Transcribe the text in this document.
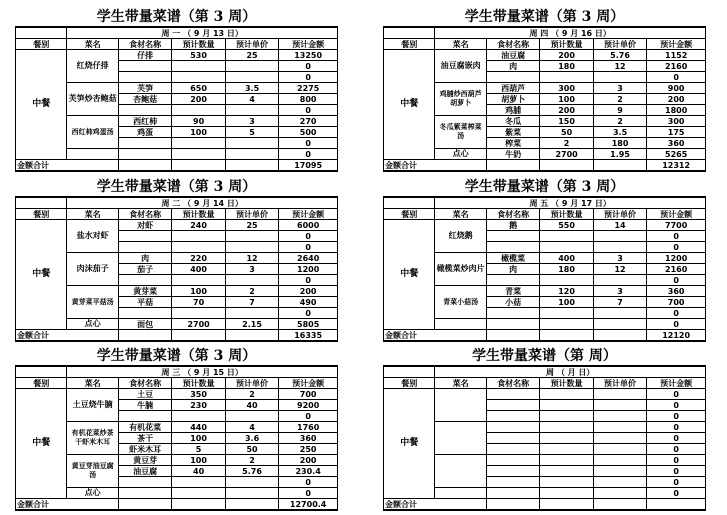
学生带量菜谱（第 3 周）
	周 一 （ 9 月 13 日）				
餐别	菜名	食材名称	预计数量	预计单价	预计金额
中餐	红烧仔排	仔排	530	25	13250
					0
					0
	芙笋炒杏鲍菇	芙笋	650	3.5	2275
		杏鲍菇	200	4	800
					0
	西红柿鸡蛋汤	西红柿	90	3	270
		鸡蛋	100	5	500
					0
					0
金额合计					17095
学生带量菜谱（第 3 周）
	周 四 （ 9 月 16 日）				
餐别	菜名	食材名称	预计数量	预计单价	预计金额
中餐	油豆腐嵌肉	油豆腐	200	5.76	1152
		肉	180	12	2160
					0
	鸡脯炒西葫芦胡萝卜	西葫芦	300	3	900
		胡萝卜	100	2	200
		鸡脯	200	9	1800
	冬瓜紫菜榨菜汤	冬瓜	150	2	300
		紫菜	50	3.5	175
		榨菜	2	180	360
	点心	牛奶	2700	1.95	5265
金额合计					12312
学生带量菜谱（第 3 周）
	周 二 （ 9 月 14 日）				
餐别	菜名	食材名称	预计数量	预计单价	预计金额
中餐	盐水对虾	对虾	240	25	6000
					0
					0
	肉沫茄子	肉	220	12	2640
		茄子	400	3	1200
					0
	黄芽菜平菇汤	黄芽菜	100	2	200
		平菇	70	7	490
					0
	点心	面包	2700	2.15	5805
金额合计					16335
学生带量菜谱（第 3 周）
	周 五 （ 9 月 17 日）				
餐别	菜名	食材名称	预计数量	预计单价	预计金额
中餐	红烧鹅	鹅	550	14	7700
					0
					0
	橄榄菜炒肉片	橄榄菜	400	3	1200
		肉	180	12	2160
					0
	青菜小菇汤	青菜	120	3	360
		小菇	100	7	700
					0
					0
金额合计					12120
学生带量菜谱（第 3 周）
	周 三 （ 9 月 15 日）				
餐别	菜名	食材名称	预计数量	预计单价	预计金额
中餐	土豆烧牛腩	土豆	350	2	700
		牛腩	230	40	9200
					0
	有机花菜炒茶干虾米木耳	有机花菜	440	4	1760
		茶干	100	3.6	360
		虾米木耳	5	50	250
	黄豆芽油豆腐汤	黄豆芽	100	2	200
		油豆腐	40	5.76	230.4
					0
	点心				0
金额合计					12700.4
学生带量菜谱（第 周）
	周 （ 月 日）				
餐别	菜名	食材名称	预计数量	预计单价	预计金额
中餐					0
					0
					0
					0
					0
					0
					0
					0
					0
					0
金额合计					
